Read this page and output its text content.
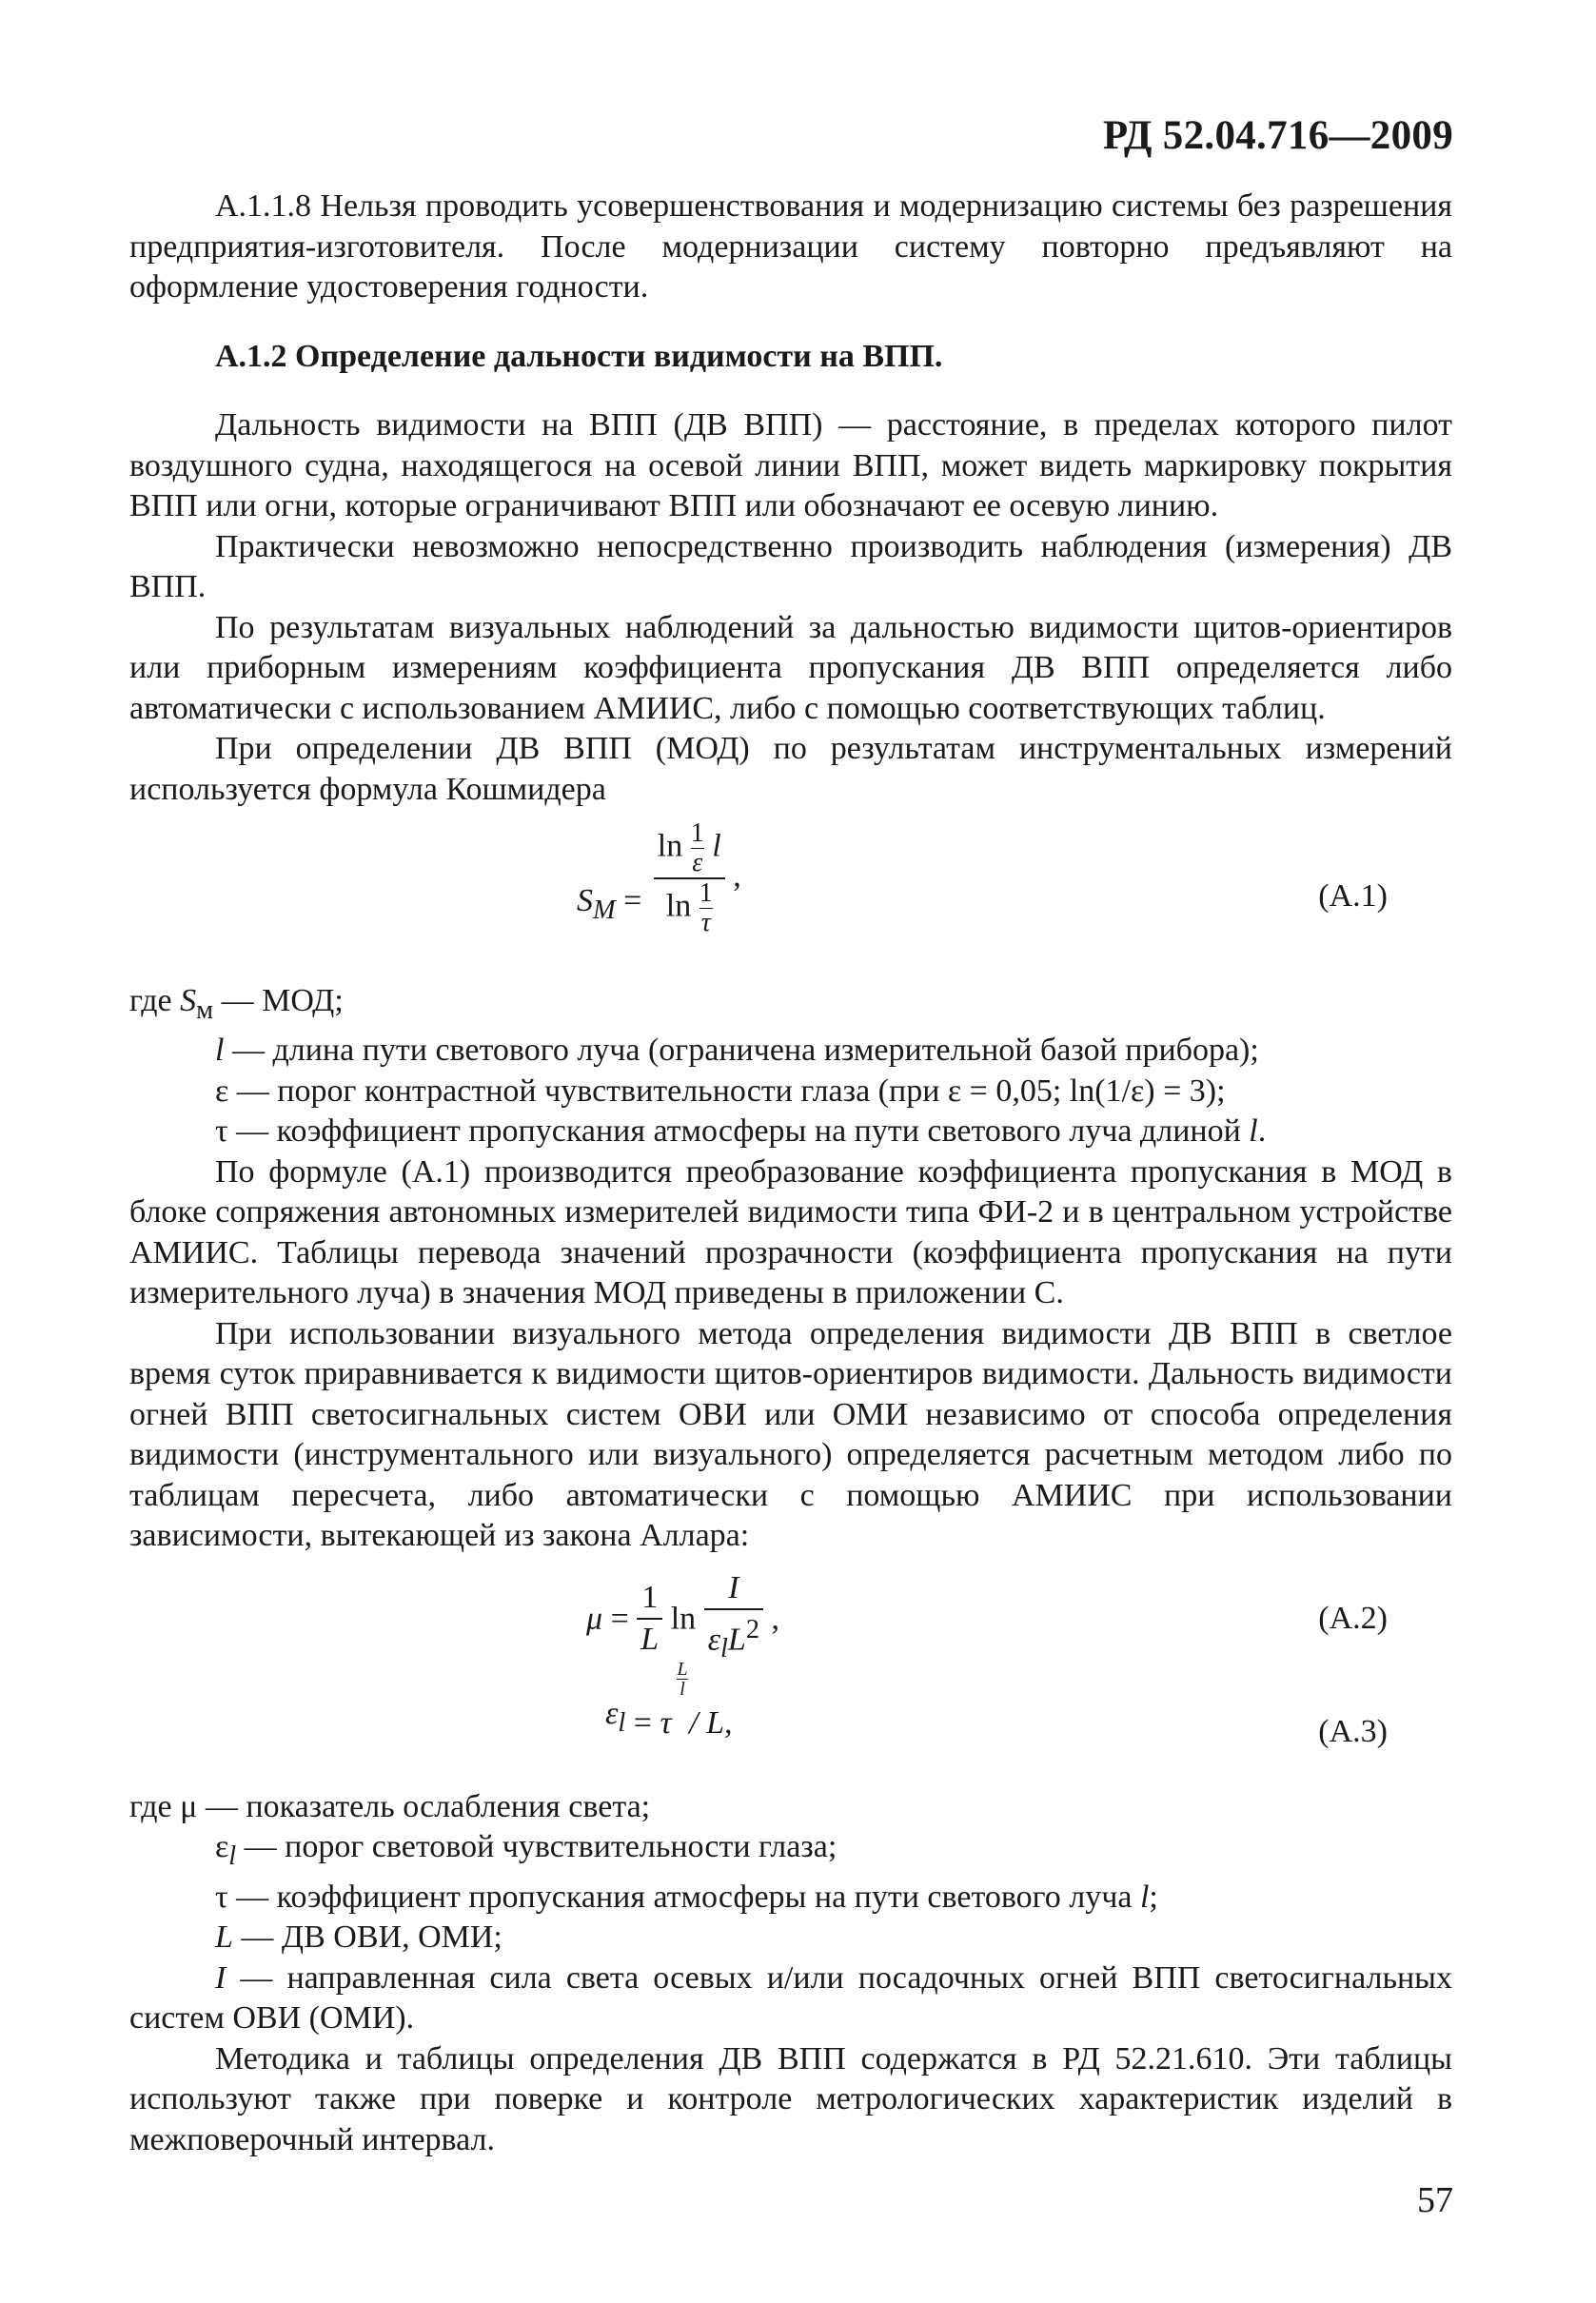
РД 52.04.716—2009

А.1.1.8 Нельзя проводить усовершенствования и модернизацию системы без разрешения предприятия-изготовителя. После модернизации систему повторно предъявляют на оформление удостоверения годности.

А.1.2 Определение дальности видимости на ВПП.

Дальность видимости на ВПП (ДВ ВПП) — расстояние, в пределах которого пилот воздушного судна, находящегося на осевой линии ВПП, может видеть маркировку покрытия ВПП или огни, которые ограничивают ВПП или обозначают ее осевую линию.

Практически невозможно непосредственно производить наблюдения (измерения) ДВ ВПП.

По результатам визуальных наблюдений за дальностью видимости щитов-ориентиров или приборным измерениям коэффициента пропускания ДВ ВПП определяется либо автоматически с использованием АМИИС, либо с помощью соответствующих таблиц.

При определении ДВ ВПП (МОД) по результатам инструментальных измерений используется формула Кошмидера

$S_М$ =
$\ln \frac{1}{\varepsilon}$ l
$\ln \frac{1}{\tau}$
,
(А.1)

где $S_м$ — МОД;

l — длина пути светового луча (ограничена измерительной базой прибора);

ε — порог контрастной чувствительности глаза (при ε = 0,05; ln(1/ε) = 3);

τ — коэффициент пропускания атмосферы на пути светового луча длиной l.

По формуле (А.1) производится преобразование коэффициента пропускания в МОД в блоке сопряжения автономных измерителей видимости типа ФИ-2 и в центральном устройстве АМИИС. Таблицы перевода значений прозрачности (коэффициента пропускания на пути измерительного луча) в значения МОД приведены в приложении С.

При использовании визуального метода определения видимости ДВ ВПП в светлое время суток приравнивается к видимости щитов-ориентиров видимости. Дальность видимости огней ВПП светосигнальных систем ОВИ или ОМИ независимо от способа определения видимости (инструментального или визуального) определяется расчетным методом либо по таблицам пересчета, либо автоматически с помощью АМИИС при использовании зависимости, вытекающей из закона Аллара:

$\mu = \frac{1}{L}$ $\ln \frac{I}{\varepsilon_lL^2}$ ,	(А.2)
$\varepsilon_l = \tau$
L
l
/ L,	(А.3)

где μ — показатель ослабления света;

$\varepsilon_l$ — порог световой чувствительности глаза;

τ — коэффициент пропускания атмосферы на пути светового луча l;

L — ДВ ОВИ, ОМИ;

I — направленная сила света осевых и/или посадочных огней ВПП светосигнальных систем ОВИ (ОМИ).

Методика и таблицы определения ДВ ВПП содержатся в РД 52.21.610. Эти таблицы используют также при поверке и контроле метрологических характеристик изделий в межповерочный интервал.

57
